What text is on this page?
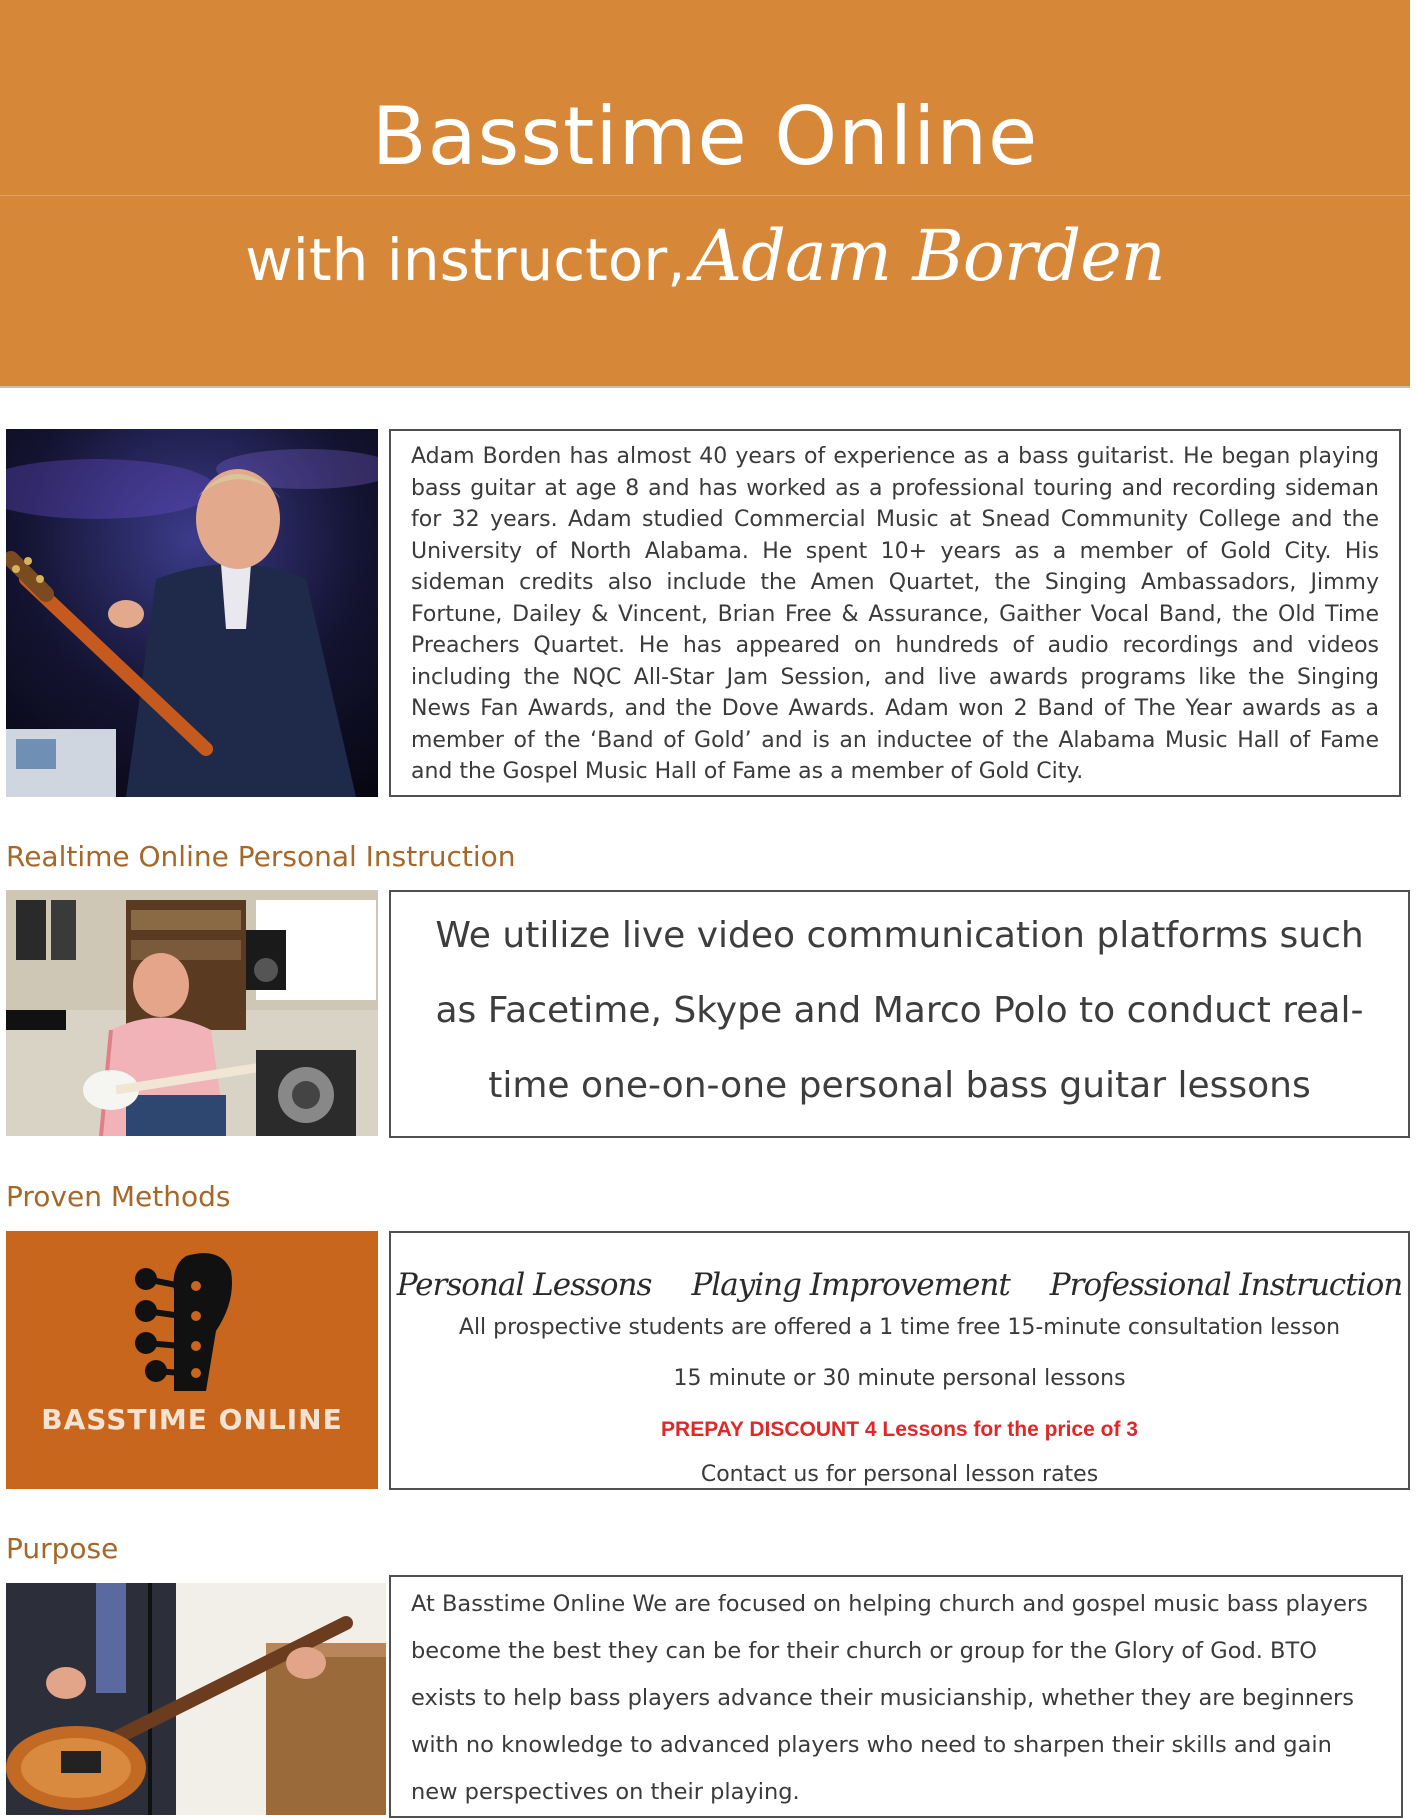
Basstime Online
with instructor,Adam Borden
Adam Borden has almost 40 years of experience as a bass guitarist. He began playing bass guitar at age 8 and has worked as a professional touring and recording sideman for 32 years. Adam studied Commercial Music at Snead Community College and the University of North Alabama. He spent 10+ years as a member of Gold City. His sideman credits also include the Amen Quartet, the Singing Ambassadors, Jimmy Fortune, Dailey & Vincent, Brian Free & Assurance, Gaither Vocal Band, the Old Time Preachers Quartet. He has appeared on hundreds of audio recordings and videos including the NQC All-Star Jam Session, and live awards programs like the Singing News Fan Awards, and the Dove Awards. Adam won 2 Band of The Year awards as a member of the ‘Band of Gold’ and is an inductee of the Alabama Music Hall of Fame and the Gospel Music Hall of Fame as a member of Gold City.
Realtime Online Personal Instruction
We utilize live video communication platforms such as Facetime, Skype and Marco Polo to conduct real-time one-on-one personal bass guitar lessons
Proven Methods
BASSTIME ONLINE
Personal Lessons Playing Improvement Professional Instruction
All prospective students are offered a 1 time free 15-minute consultation lesson
15 minute or 30 minute personal lessons
PREPAY DISCOUNT 4 Lessons for the price of 3
Contact us for personal lesson rates
Purpose
At Basstime Online We are focused on helping church and gospel music bass players become the best they can be for their church or group for the Glory of God. BTO exists to help bass players advance their musicianship, whether they are beginners with no knowledge to advanced players who need to sharpen their skills and gain new perspectives on their playing.
